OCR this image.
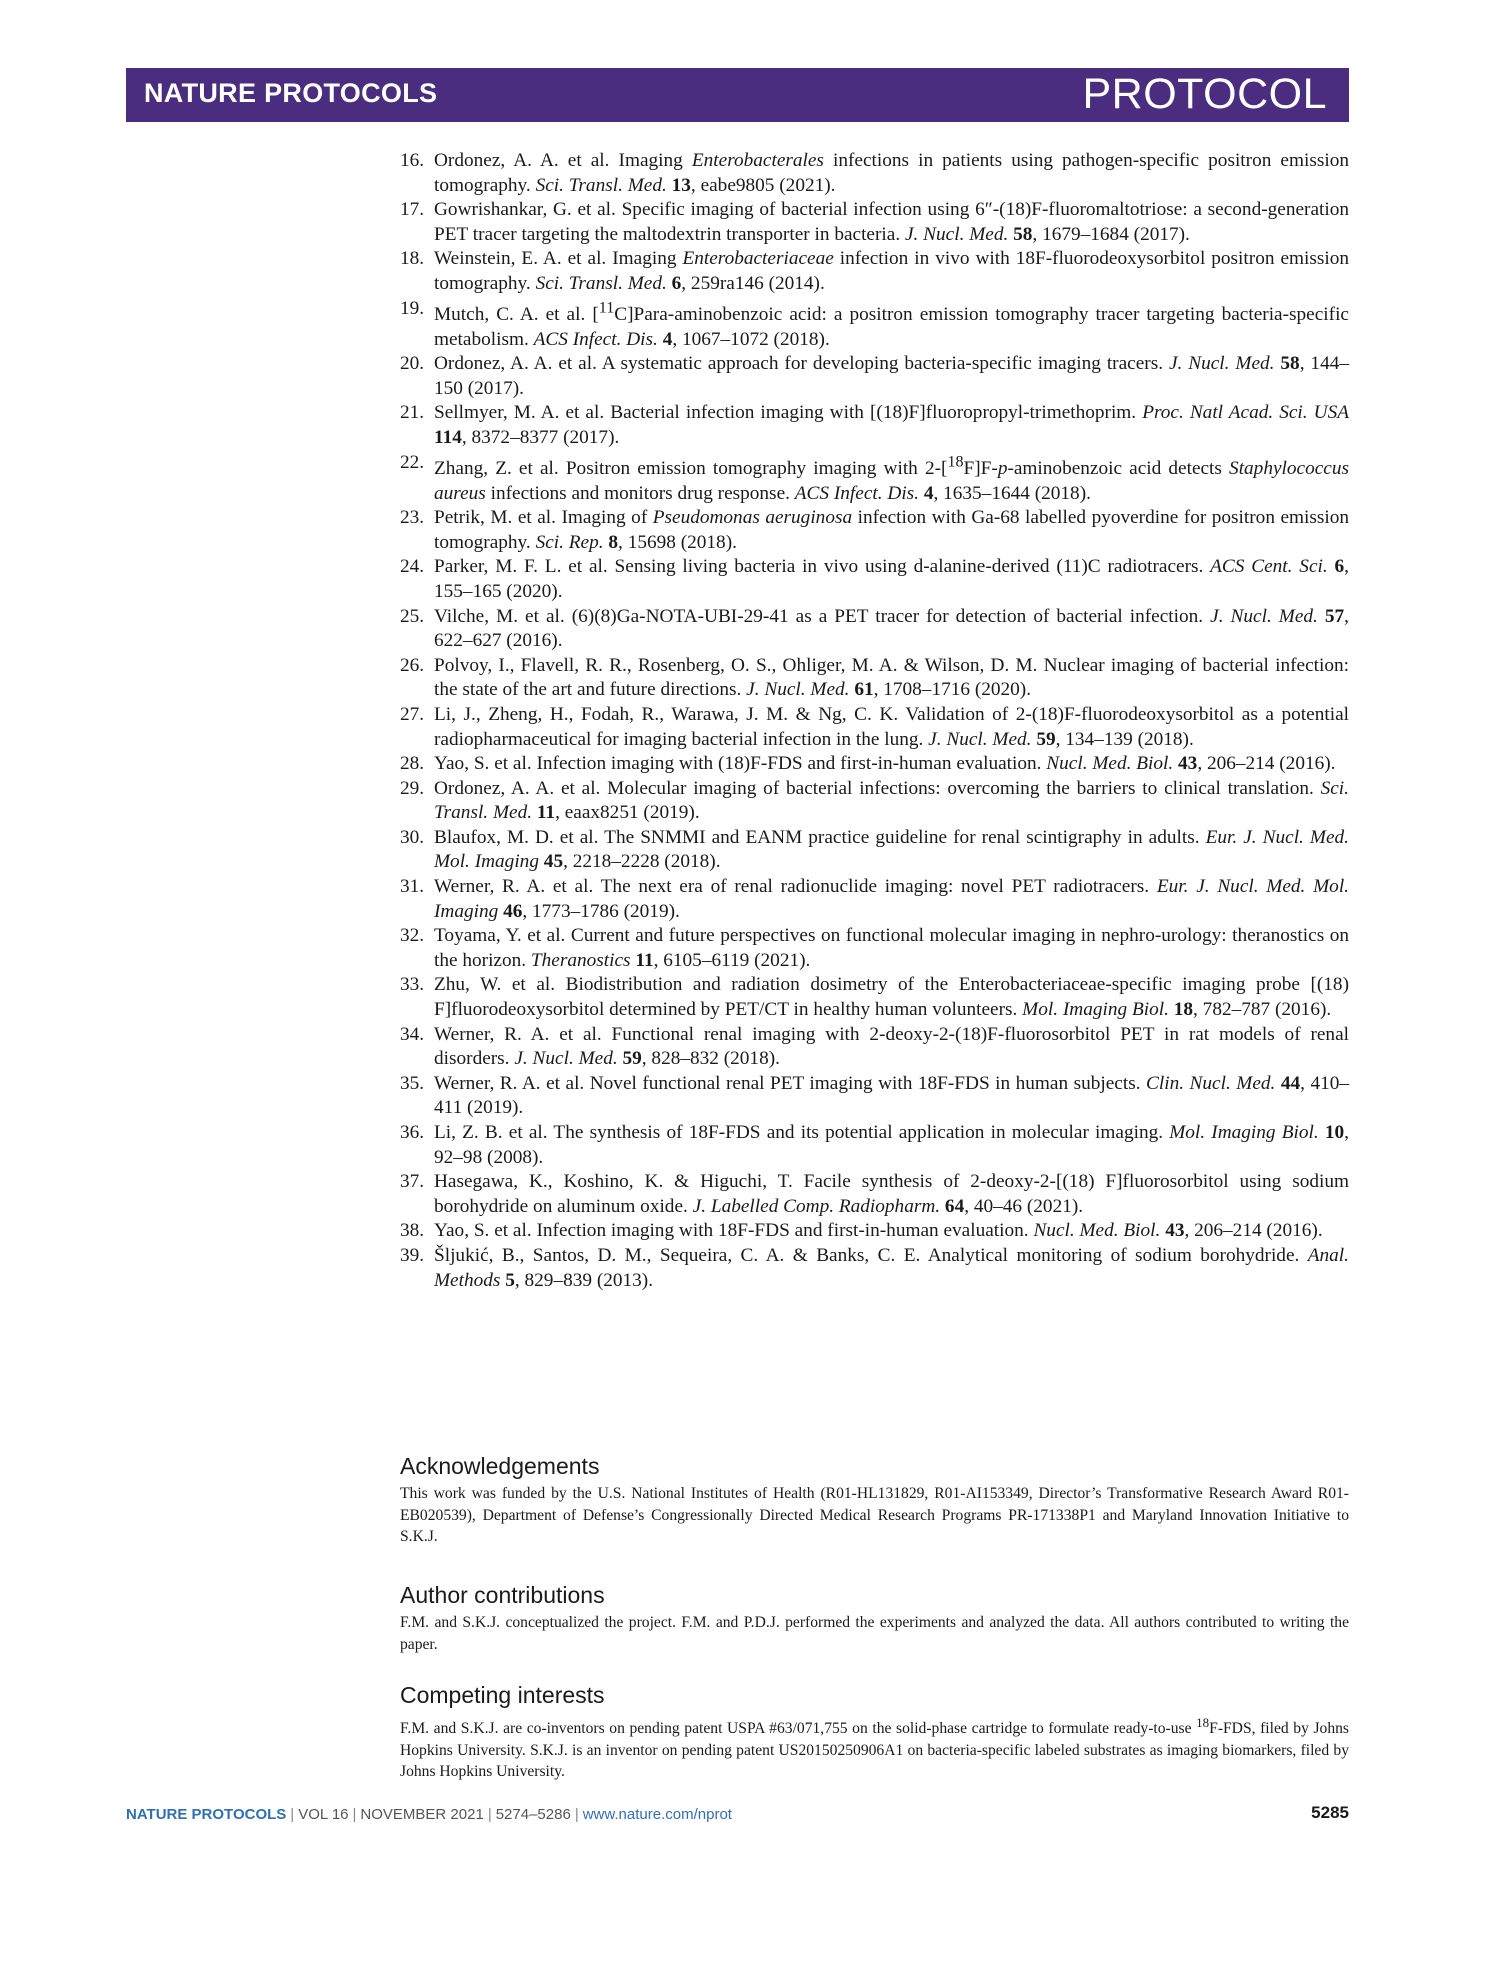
NATURE PROTOCOLS	PROTOCOL
16. Ordonez, A. A. et al. Imaging Enterobacterales infections in patients using pathogen-specific positron emission tomography. Sci. Transl. Med. 13, eabe9805 (2021).
17. Gowrishankar, G. et al. Specific imaging of bacterial infection using 6″-(18)F-fluoromaltotriose: a second-generation PET tracer targeting the maltodextrin transporter in bacteria. J. Nucl. Med. 58, 1679–1684 (2017).
18. Weinstein, E. A. et al. Imaging Enterobacteriaceae infection in vivo with 18F-fluorodeoxysorbitol positron emission tomography. Sci. Transl. Med. 6, 259ra146 (2014).
19. Mutch, C. A. et al. [$^{11}$C]Para-aminobenzoic acid: a positron emission tomography tracer targeting bacteria-specific metabolism. ACS Infect. Dis. 4, 1067–1072 (2018).
20. Ordonez, A. A. et al. A systematic approach for developing bacteria-specific imaging tracers. J. Nucl. Med. 58, 144–150 (2017).
21. Sellmyer, M. A. et al. Bacterial infection imaging with [(18)F]fluoropropyl-trimethoprim. Proc. Natl Acad. Sci. USA 114, 8372–8377 (2017).
22. Zhang, Z. et al. Positron emission tomography imaging with 2-[$^{18}$F]F-p-aminobenzoic acid detects Staphylococcus aureus infections and monitors drug response. ACS Infect. Dis. 4, 1635–1644 (2018).
23. Petrik, M. et al. Imaging of Pseudomonas aeruginosa infection with Ga-68 labelled pyoverdine for positron emission tomography. Sci. Rep. 8, 15698 (2018).
24. Parker, M. F. L. et al. Sensing living bacteria in vivo using d-alanine-derived (11)C radiotracers. ACS Cent. Sci. 6, 155–165 (2020).
25. Vilche, M. et al. (6)(8)Ga-NOTA-UBI-29-41 as a PET tracer for detection of bacterial infection. J. Nucl. Med. 57, 622–627 (2016).
26. Polvoy, I., Flavell, R. R., Rosenberg, O. S., Ohliger, M. A. & Wilson, D. M. Nuclear imaging of bacterial infection: the state of the art and future directions. J. Nucl. Med. 61, 1708–1716 (2020).
27. Li, J., Zheng, H., Fodah, R., Warawa, J. M. & Ng, C. K. Validation of 2-(18)F-fluorodeoxysorbitol as a potential radiopharmaceutical for imaging bacterial infection in the lung. J. Nucl. Med. 59, 134–139 (2018).
28. Yao, S. et al. Infection imaging with (18)F-FDS and first-in-human evaluation. Nucl. Med. Biol. 43, 206–214 (2016).
29. Ordonez, A. A. et al. Molecular imaging of bacterial infections: overcoming the barriers to clinical translation. Sci. Transl. Med. 11, eaax8251 (2019).
30. Blaufox, M. D. et al. The SNMMI and EANM practice guideline for renal scintigraphy in adults. Eur. J. Nucl. Med. Mol. Imaging 45, 2218–2228 (2018).
31. Werner, R. A. et al. The next era of renal radionuclide imaging: novel PET radiotracers. Eur. J. Nucl. Med. Mol. Imaging 46, 1773–1786 (2019).
32. Toyama, Y. et al. Current and future perspectives on functional molecular imaging in nephro-urology: theranostics on the horizon. Theranostics 11, 6105–6119 (2021).
33. Zhu, W. et al. Biodistribution and radiation dosimetry of the Enterobacteriaceae-specific imaging probe [(18) F]fluorodeoxysorbitol determined by PET/CT in healthy human volunteers. Mol. Imaging Biol. 18, 782–787 (2016).
34. Werner, R. A. et al. Functional renal imaging with 2-deoxy-2-(18)F-fluorosorbitol PET in rat models of renal disorders. J. Nucl. Med. 59, 828–832 (2018).
35. Werner, R. A. et al. Novel functional renal PET imaging with 18F-FDS in human subjects. Clin. Nucl. Med. 44, 410–411 (2019).
36. Li, Z. B. et al. The synthesis of 18F-FDS and its potential application in molecular imaging. Mol. Imaging Biol. 10, 92–98 (2008).
37. Hasegawa, K., Koshino, K. & Higuchi, T. Facile synthesis of 2-deoxy-2-[(18) F]fluorosorbitol using sodium borohydride on aluminum oxide. J. Labelled Comp. Radiopharm. 64, 40–46 (2021).
38. Yao, S. et al. Infection imaging with 18F-FDS and first-in-human evaluation. Nucl. Med. Biol. 43, 206–214 (2016).
39. Šljukić, B., Santos, D. M., Sequeira, C. A. & Banks, C. E. Analytical monitoring of sodium borohydride. Anal. Methods 5, 829–839 (2013).
Acknowledgements
This work was funded by the U.S. National Institutes of Health (R01-HL131829, R01-AI153349, Director’s Transformative Research Award R01-EB020539), Department of Defense’s Congressionally Directed Medical Research Programs PR-171338P1 and Maryland Innovation Initiative to S.K.J.
Author contributions
F.M. and S.K.J. conceptualized the project. F.M. and P.D.J. performed the experiments and analyzed the data. All authors contributed to writing the paper.
Competing interests
F.M. and S.K.J. are co-inventors on pending patent USPA #63/071,755 on the solid-phase cartridge to formulate ready-to-use $^{18}$F-FDS, filed by Johns Hopkins University. S.K.J. is an inventor on pending patent US20150250906A1 on bacteria-specific labeled substrates as imaging biomarkers, filed by Johns Hopkins University.
NATURE PROTOCOLS | VOL 16 | NOVEMBER 2021 | 5274–5286 | www.nature.com/nprot	5285
